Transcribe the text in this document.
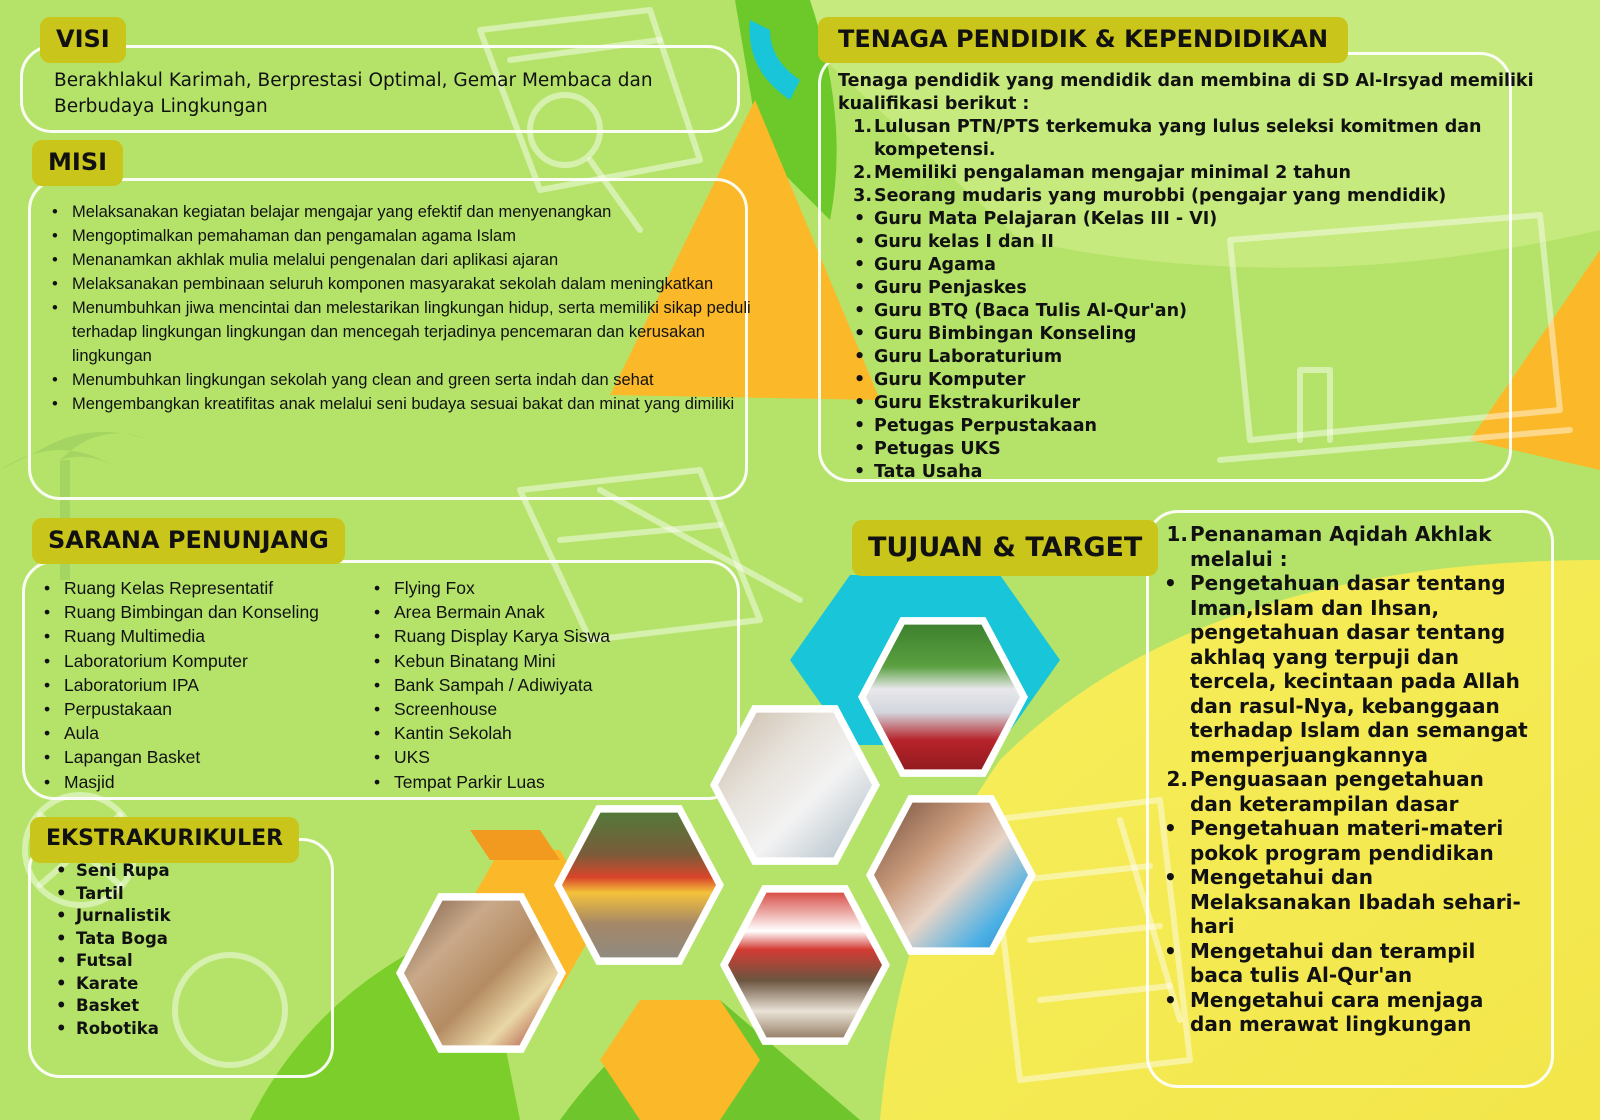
VISI
Berakhlakul Karimah, Berprestasi Optimal, Gemar Membaca dan Berbudaya Lingkungan
MISI
• Melaksanakan kegiatan belajar mengajar yang efektif dan menyenangkan
• Mengoptimalkan pemahaman dan pengamalan agama Islam
• Menanamkan akhlak mulia melalui pengenalan dari aplikasi ajaran
• Melaksanakan pembinaan seluruh komponen masyarakat sekolah dalam meningkatkan
• Menumbuhkan jiwa mencintai dan melestarikan lingkungan hidup, serta memiliki sikap peduli terhadap lingkungan lingkungan dan mencegah terjadinya pencemaran dan kerusakan lingkungan
• Menumbuhkan lingkungan sekolah yang clean and green serta indah dan sehat
• Mengembangkan kreatifitas anak melalui seni budaya sesuai bakat dan minat yang dimiliki
TENAGA PENDIDIK & KEPENDIDIKAN
Tenaga pendidik yang mendidik dan membina di SD Al-Irsyad memiliki kualifikasi berikut :
1. Lulusan PTN/PTS terkemuka yang lulus seleksi komitmen dan kompetensi.
2. Memiliki pengalaman mengajar minimal 2 tahun
3. Seorang mudaris yang murobbi (pengajar yang mendidik)
• Guru Mata Pelajaran (Kelas III - VI)
• Guru kelas I dan II
• Guru Agama
• Guru Penjaskes
• Guru BTQ (Baca Tulis Al-Qur'an)
• Guru Bimbingan Konseling
• Guru Laboraturium
• Guru Komputer
• Guru Ekstrakurikuler
• Petugas Perpustakaan
• Petugas UKS
• Tata Usaha
SARANA PENUNJANG
• Ruang Kelas Representatif
• Ruang Bimbingan dan Konseling
• Ruang Multimedia
• Laboratorium Komputer
• Laboratorium IPA
• Perpustakaan
• Aula
• Lapangan Basket
• Masjid
• Flying Fox
• Area Bermain Anak
• Ruang Display Karya Siswa
• Kebun Binatang Mini
• Bank Sampah / Adiwiyata
• Screenhouse
• Kantin Sekolah
• UKS
• Tempat Parkir Luas
EKSTRAKURIKULER
• Seni Rupa
• Tartil
• Jurnalistik
• Tata Boga
• Futsal
• Karate
• Basket
• Robotika
TUJUAN & TARGET	1. Penanaman Aqidah Akhlak melalui :
• Pengetahuan dasar tentang Iman,Islam dan Ihsan, pengetahuan dasar tentang akhlaq yang terpuji dan tercela, kecintaan pada Allah dan rasul-Nya, kebanggaan terhadap Islam dan semangat memperjuangkannya
2. Penguasaan pengetahuan dan keterampilan dasar
• Pengetahuan materi-materi pokok program pendidikan
• Mengetahui dan Melaksanakan Ibadah sehari-hari
• Mengetahui dan terampil baca tulis Al-Qur'an
• Mengetahui cara menjaga dan merawat lingkungan
